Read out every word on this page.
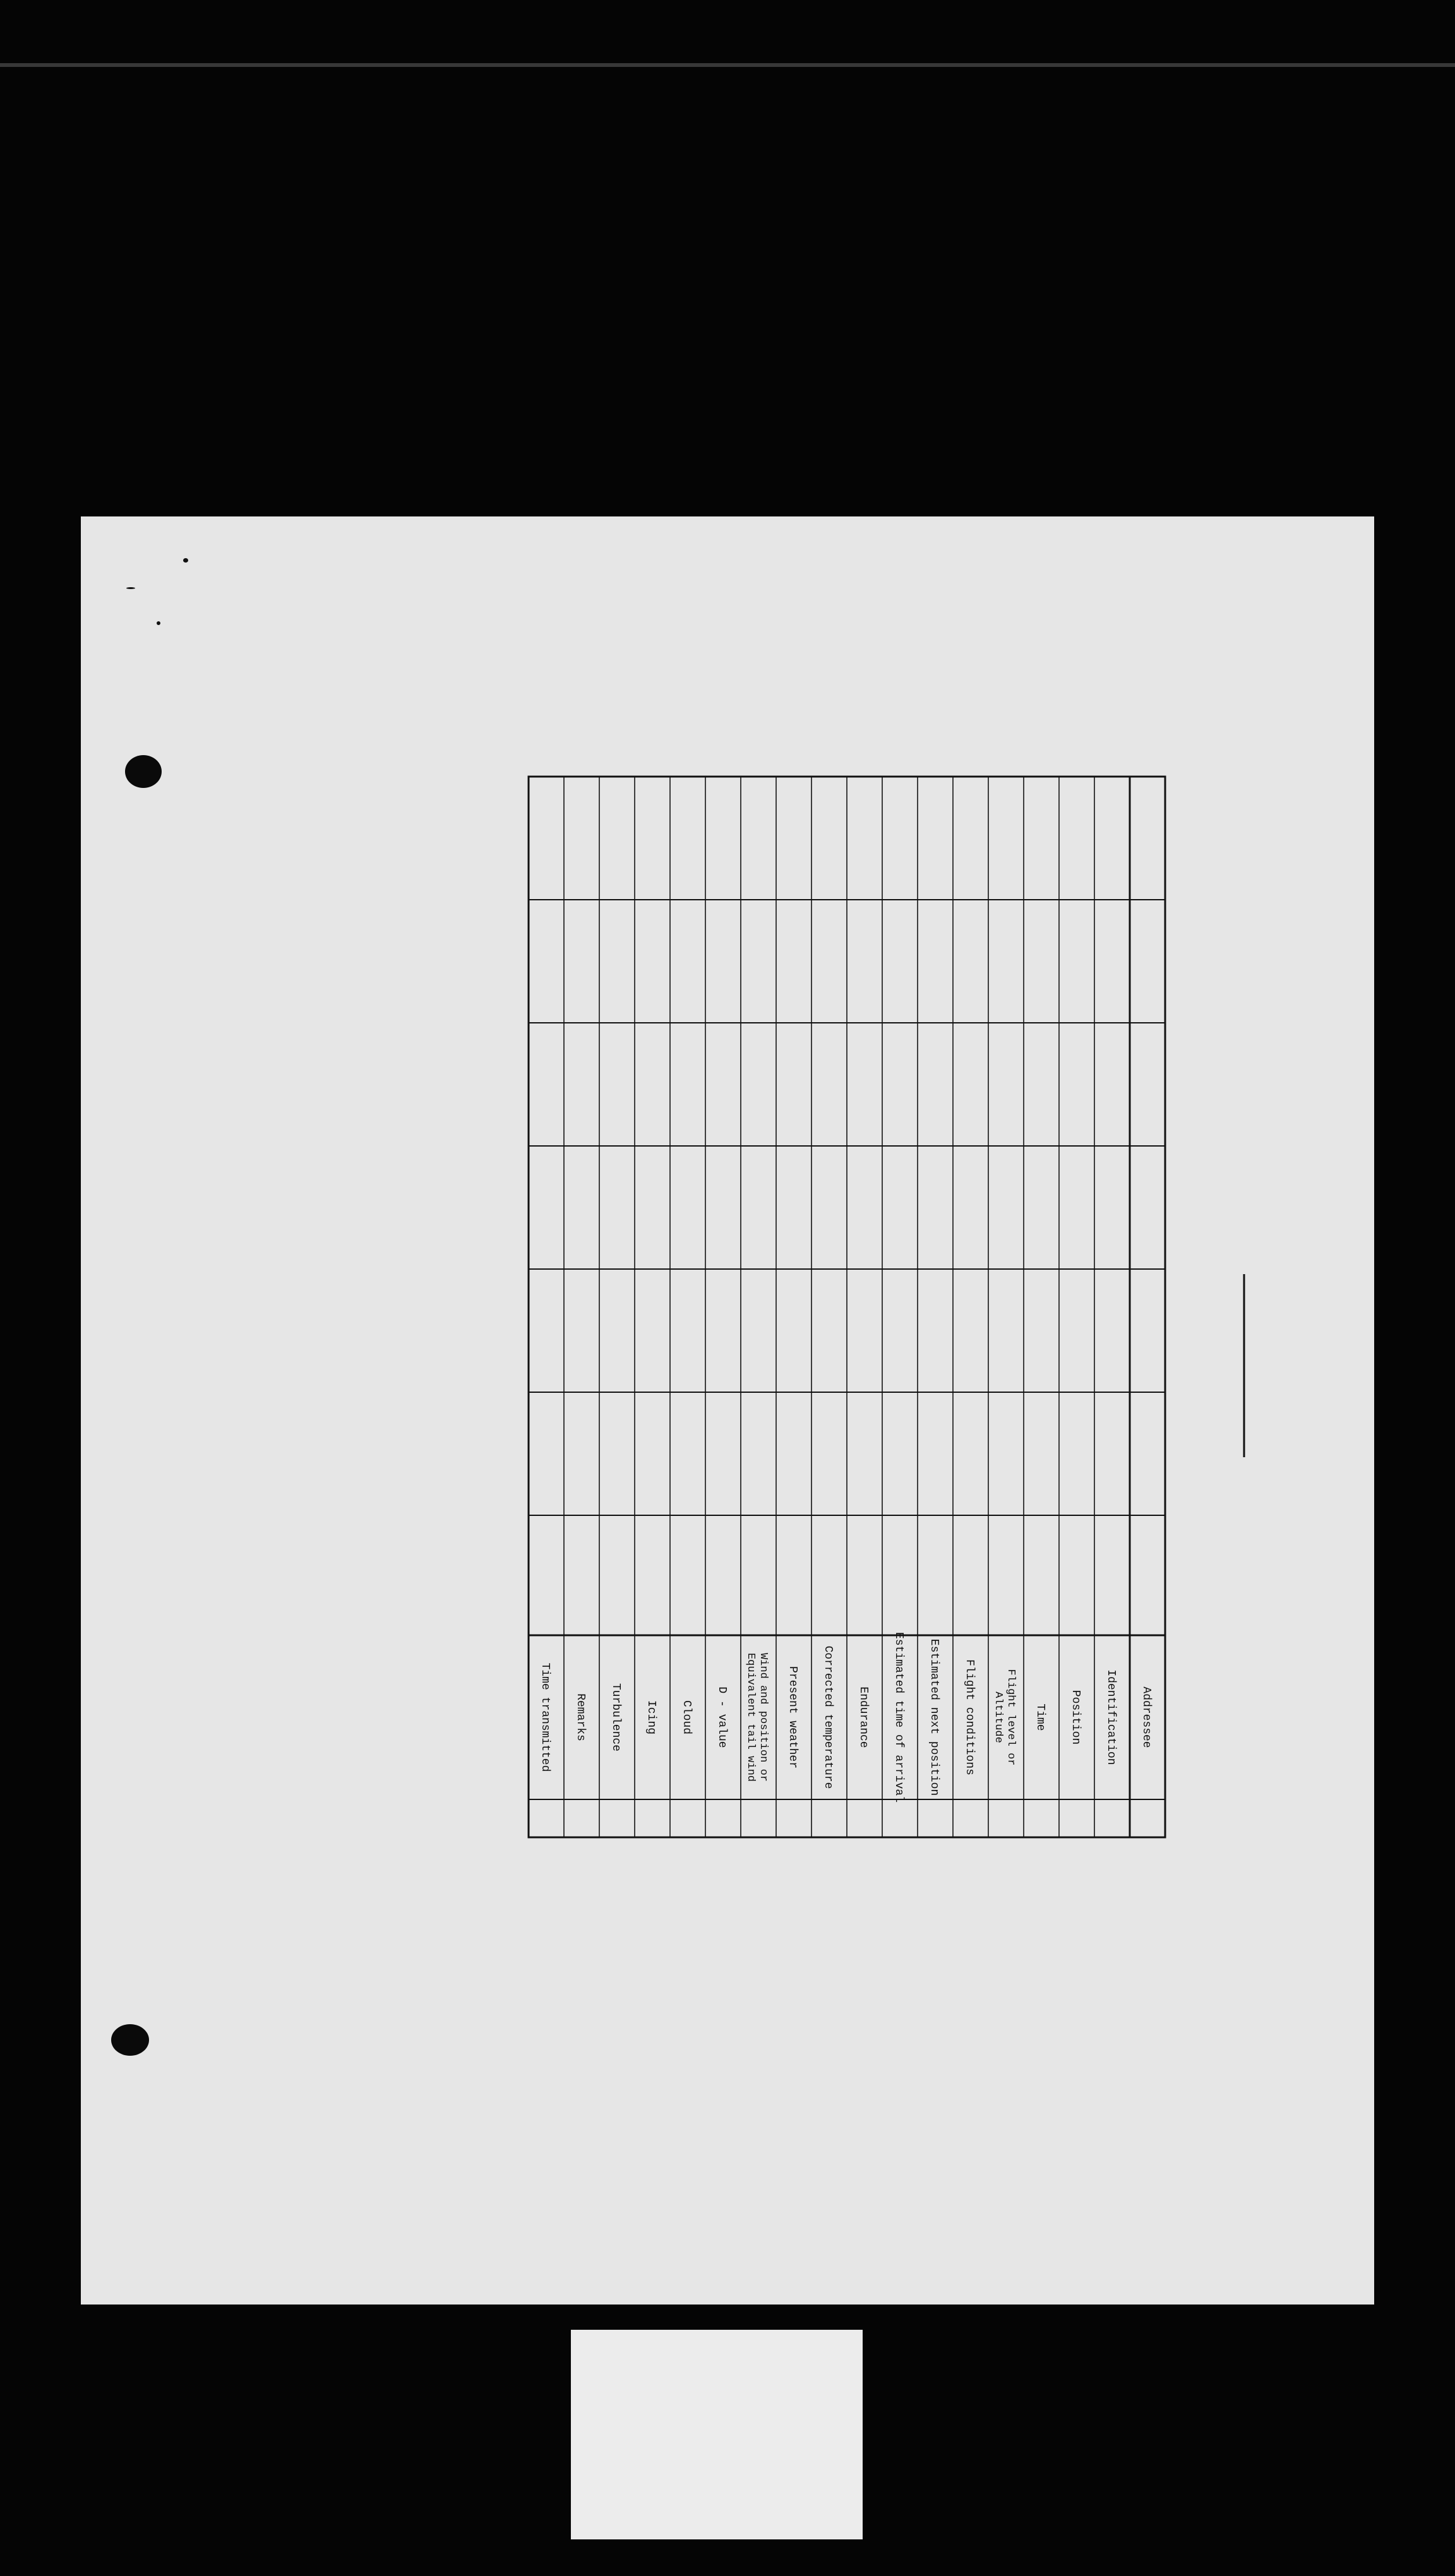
Addressee
Identification
Position
Time
Flight level or
Altitude
Flight conditions
Estimated next position
Estimated time of arrival
Endurance
Corrected temperature
Present weather
Wind and position or
Equivalent tail wind
D - value
Cloud
Icing
Turbulence
Remarks
Time transmitted
